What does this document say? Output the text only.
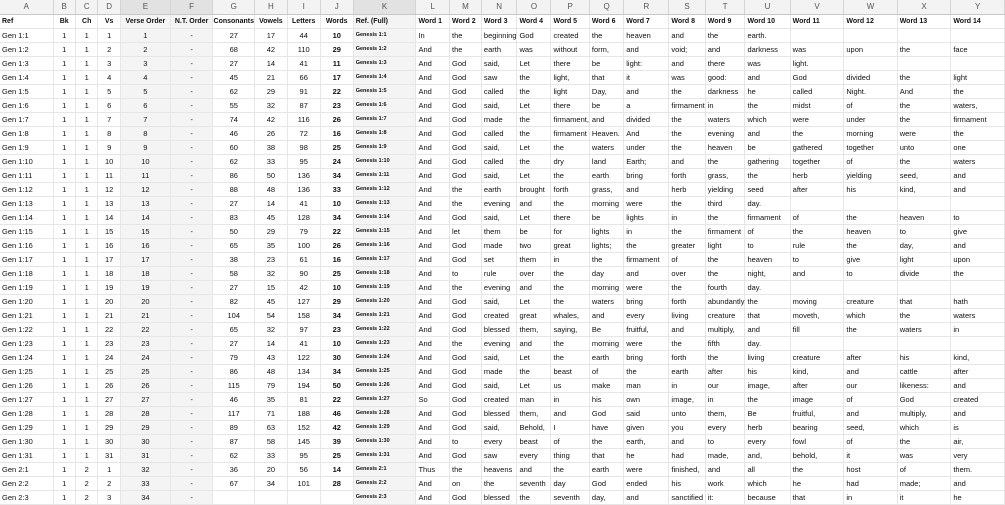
A	B	C	D	E	F	G	H	I	J	K	L	M	N	O	P	Q	R	S	T	U	V	W	X	Y
Ref	Bk	Ch	Vs	Verse Order	N.T. Order	Consonants	Vowels	Letters	Words	Ref. (Full)	Word 1	Word 2	Word 3	Word 4	Word 5	Word 6	Word 7	Word 8	Word 9	Word 10	Word 11	Word 12	Word 13	Word 14
Gen 1:1	1	1	1	1	-	27	17	44	10	Genesis 1:1	In	the	beginning	God	created	the	heaven	and	the	earth.				
Gen 1:2	1	1	2	2	-	68	42	110	29	Genesis 1:2	And	the	earth	was	without	form,	and	void;	and	darkness	was	upon	the	face
Gen 1:3	1	1	3	3	-	27	14	41	11	Genesis 1:3	And	God	said,	Let	there	be	light:	and	there	was	light.			
Gen 1:4	1	1	4	4	-	45	21	66	17	Genesis 1:4	And	God	saw	the	light,	that	it	was	good:	and	God	divided	the	light
Gen 1:5	1	1	5	5	-	62	29	91	22	Genesis 1:5	And	God	called	the	light	Day,	and	the	darkness	he	called	Night.	And	the
Gen 1:6	1	1	6	6	-	55	32	87	23	Genesis 1:6	And	God	said,	Let	there	be	a	firmament	in	the	midst	of	the	waters,
Gen 1:7	1	1	7	7	-	74	42	116	26	Genesis 1:7	And	God	made	the	firmament,	and	divided	the	waters	which	were	under	the	firmament
Gen 1:8	1	1	8	8	-	46	26	72	16	Genesis 1:8	And	God	called	the	firmament	Heaven.	And	the	evening	and	the	morning	were	the
Gen 1:9	1	1	9	9	-	60	38	98	25	Genesis 1:9	And	God	said,	Let	the	waters	under	the	heaven	be	gathered	together	unto	one
Gen 1:10	1	1	10	10	-	62	33	95	24	Genesis 1:10	And	God	called	the	dry	land	Earth;	and	the	gathering	together	of	the	waters
Gen 1:11	1	1	11	11	-	86	50	136	34	Genesis 1:11	And	God	said,	Let	the	earth	bring	forth	grass,	the	herb	yielding	seed,	and
Gen 1:12	1	1	12	12	-	88	48	136	33	Genesis 1:12	And	the	earth	brought	forth	grass,	and	herb	yielding	seed	after	his	kind,	and
Gen 1:13	1	1	13	13	-	27	14	41	10	Genesis 1:13	And	the	evening	and	the	morning	were	the	third	day.				
Gen 1:14	1	1	14	14	-	83	45	128	34	Genesis 1:14	And	God	said,	Let	there	be	lights	in	the	firmament	of	the	heaven	to
Gen 1:15	1	1	15	15	-	50	29	79	22	Genesis 1:15	And	let	them	be	for	lights	in	the	firmament	of	the	heaven	to	give
Gen 1:16	1	1	16	16	-	65	35	100	26	Genesis 1:16	And	God	made	two	great	lights;	the	greater	light	to	rule	the	day,	and
Gen 1:17	1	1	17	17	-	38	23	61	16	Genesis 1:17	And	God	set	them	in	the	firmament	of	the	heaven	to	give	light	upon
Gen 1:18	1	1	18	18	-	58	32	90	25	Genesis 1:18	And	to	rule	over	the	day	and	over	the	night,	and	to	divide	the
Gen 1:19	1	1	19	19	-	27	15	42	10	Genesis 1:19	And	the	evening	and	the	morning	were	the	fourth	day.				
Gen 1:20	1	1	20	20	-	82	45	127	29	Genesis 1:20	And	God	said,	Let	the	waters	bring	forth	abundantly	the	moving	creature	that	hath
Gen 1:21	1	1	21	21	-	104	54	158	34	Genesis 1:21	And	God	created	great	whales,	and	every	living	creature	that	moveth,	which	the	waters
Gen 1:22	1	1	22	22	-	65	32	97	23	Genesis 1:22	And	God	blessed	them,	saying,	Be	fruitful,	and	multiply,	and	fill	the	waters	in
Gen 1:23	1	1	23	23	-	27	14	41	10	Genesis 1:23	And	the	evening	and	the	morning	were	the	fifth	day.				
Gen 1:24	1	1	24	24	-	79	43	122	30	Genesis 1:24	And	God	said,	Let	the	earth	bring	forth	the	living	creature	after	his	kind,
Gen 1:25	1	1	25	25	-	86	48	134	34	Genesis 1:25	And	God	made	the	beast	of	the	earth	after	his	kind,	and	cattle	after
Gen 1:26	1	1	26	26	-	115	79	194	50	Genesis 1:26	And	God	said,	Let	us	make	man	in	our	image,	after	our	likeness:	and
Gen 1:27	1	1	27	27	-	46	35	81	22	Genesis 1:27	So	God	created	man	in	his	own	image,	in	the	image	of	God	created
Gen 1:28	1	1	28	28	-	117	71	188	46	Genesis 1:28	And	God	blessed	them,	and	God	said	unto	them,	Be	fruitful,	and	multiply,	and
Gen 1:29	1	1	29	29	-	89	63	152	42	Genesis 1:29	And	God	said,	Behold,	I	have	given	you	every	herb	bearing	seed,	which	is
Gen 1:30	1	1	30	30	-	87	58	145	39	Genesis 1:30	And	to	every	beast	of	the	earth,	and	to	every	fowl	of	the	air,
Gen 1:31	1	1	31	31	-	62	33	95	25	Genesis 1:31	And	God	saw	every	thing	that	he	had	made,	and,	behold,	it	was	very
Gen 2:1	1	2	1	32	-	36	20	56	14	Genesis 2:1	Thus	the	heavens	and	the	earth	were	finished,	and	all	the	host	of	them.
Gen 2:2	1	2	2	33	-	67	34	101	28	Genesis 2:2	And	on	the	seventh	day	God	ended	his	work	which	he	had	made;	and
Gen 2:3	1	2	3	34	-					Genesis 2:3	And	God	blessed	the	seventh	day,	and	sanctified	it:	because	that	in	it	he
